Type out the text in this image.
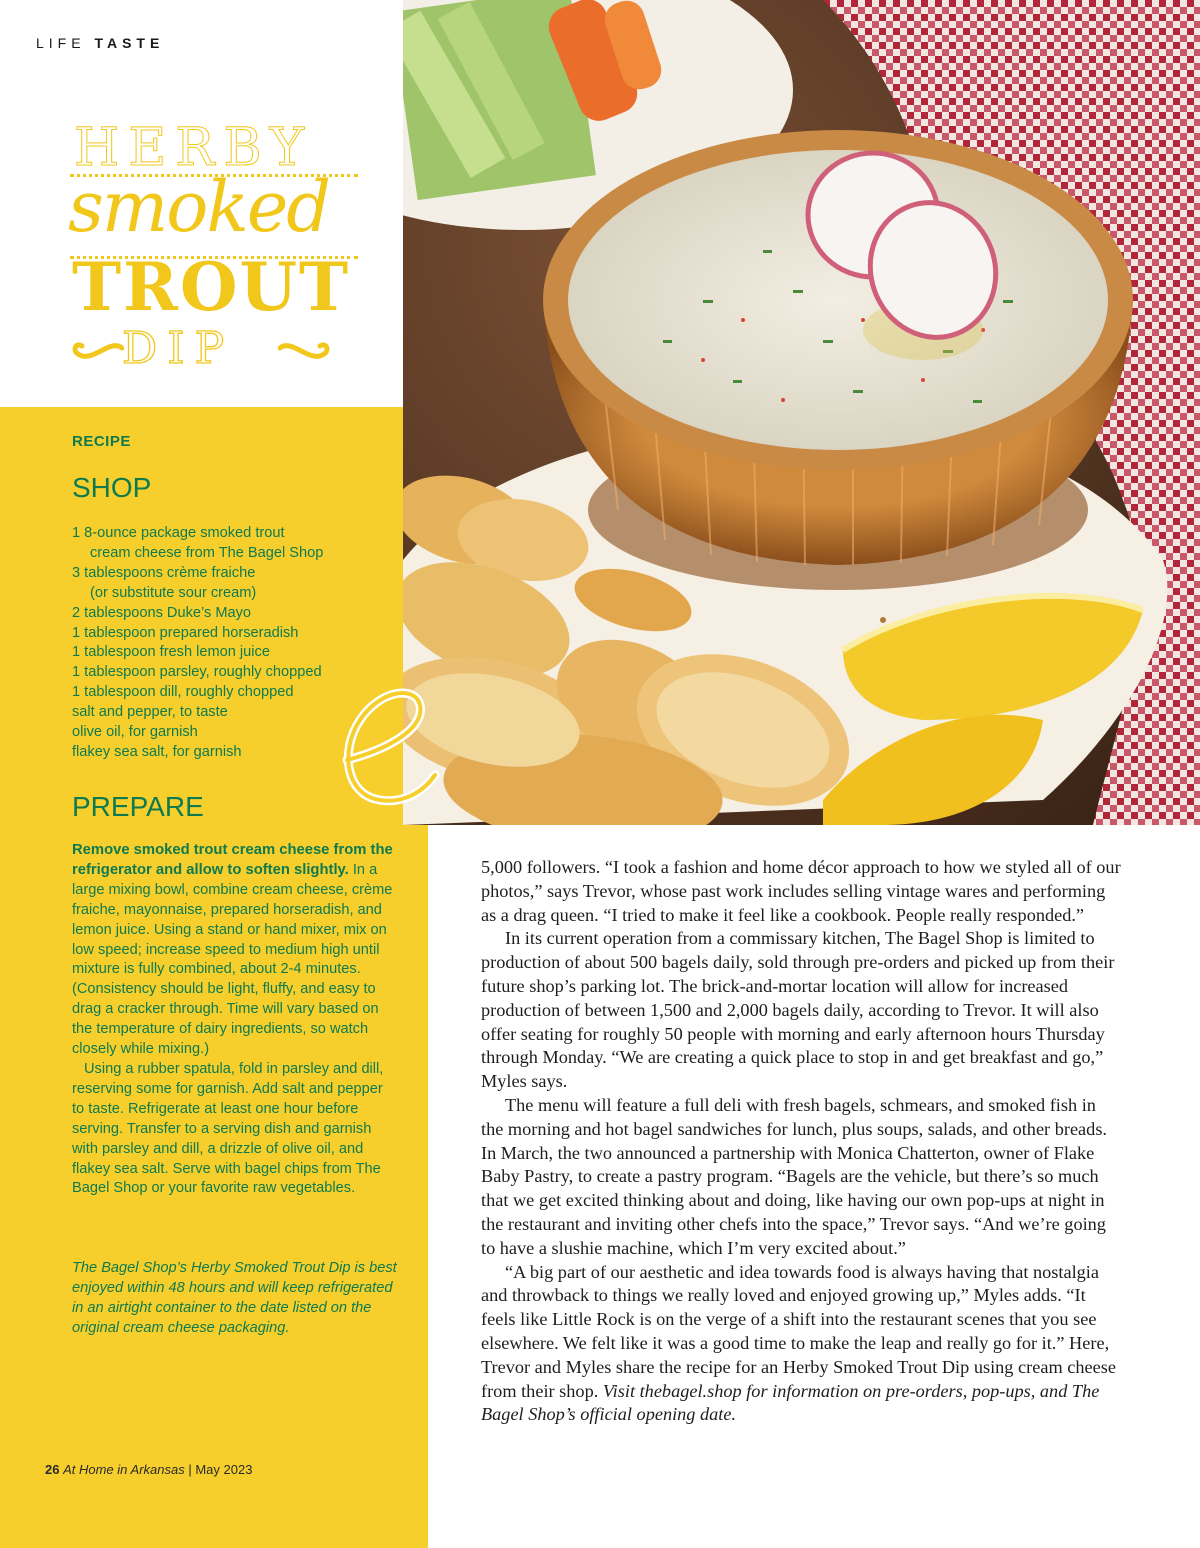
LIFE TASTE
HERBY
smoked
TROUT
DIP
RECIPE
SHOP
1 8-ounce package smoked trout
cream cheese from The Bagel Shop
3 tablespoons crème fraiche
(or substitute sour cream)
2 tablespoons Duke’s Mayo
1 tablespoon prepared horseradish
1 tablespoon fresh lemon juice
1 tablespoon parsley, roughly chopped
1 tablespoon dill, roughly chopped
salt and pepper, to taste
olive oil, for garnish
flakey sea salt, for garnish
PREPARE

Remove smoked trout cream cheese from the refrigerator and allow to soften slightly. In a large mixing bowl, combine cream cheese, crème fraiche, mayonnaise, prepared horseradish, and lemon juice. Using a stand or hand mixer, mix on low speed; increase speed to medium high until mixture is fully combined, about 2-4 minutes. (Consistency should be light, fluffy, and easy to drag a cracker through. Time will vary based on the temperature of dairy ingredients, so watch closely while mixing.)

Using a rubber spatula, fold in parsley and dill, reserving some for garnish. Add salt and pepper to taste. Refrigerate at least one hour before serving. Transfer to a serving dish and garnish with parsley and dill, a drizzle of olive oil, and flakey sea salt. Serve with bagel chips from The Bagel Shop or your favorite raw vegetables.

The Bagel Shop’s Herby Smoked Trout Dip is best enjoyed within 48 hours and will keep refrigerated in an airtight container to the date listed on the original cream cheese packaging.
26 At Home in Arkansas | May 2023

5,000 followers. “I took a fashion and home décor approach to how we styled all of our photos,” says Trevor, whose past work includes selling vintage wares and performing as a drag queen. “I tried to make it feel like a cookbook. People really responded.”

In its current operation from a commissary kitchen, The Bagel Shop is limited to production of about 500 bagels daily, sold through pre-orders and picked up from their future shop’s parking lot. The brick-and-mortar location will allow for increased production of between 1,500 and 2,000 bagels daily, according to Trevor. It will also offer seating for roughly 50 people with morning and early afternoon hours Thursday through Monday. “We are creating a quick place to stop in and get breakfast and go,” Myles says.

The menu will feature a full deli with fresh bagels, schmears, and smoked fish in the morning and hot bagel sandwiches for lunch, plus soups, salads, and other breads. In March, the two announced a partnership with Monica Chatterton, owner of Flake Baby Pastry, to create a pastry program. “Bagels are the vehicle, but there’s so much that we get excited thinking about and doing, like having our own pop-ups at night in the restaurant and inviting other chefs into the space,” Trevor says. “And we’re going to have a slushie machine, which I’m very excited about.”

“A big part of our aesthetic and idea towards food is always having that nostalgia and throwback to things we really loved and enjoyed growing up,” Myles adds. “It feels like Little Rock is on the verge of a shift into the restaurant scenes that you see elsewhere. We felt like it was a good time to make the leap and really go for it.” Here, Trevor and Myles share the recipe for an Herby Smoked Trout Dip using cream cheese from their shop. Visit thebagel.shop for information on pre-orders, pop-ups, and The Bagel Shop’s official opening date.
